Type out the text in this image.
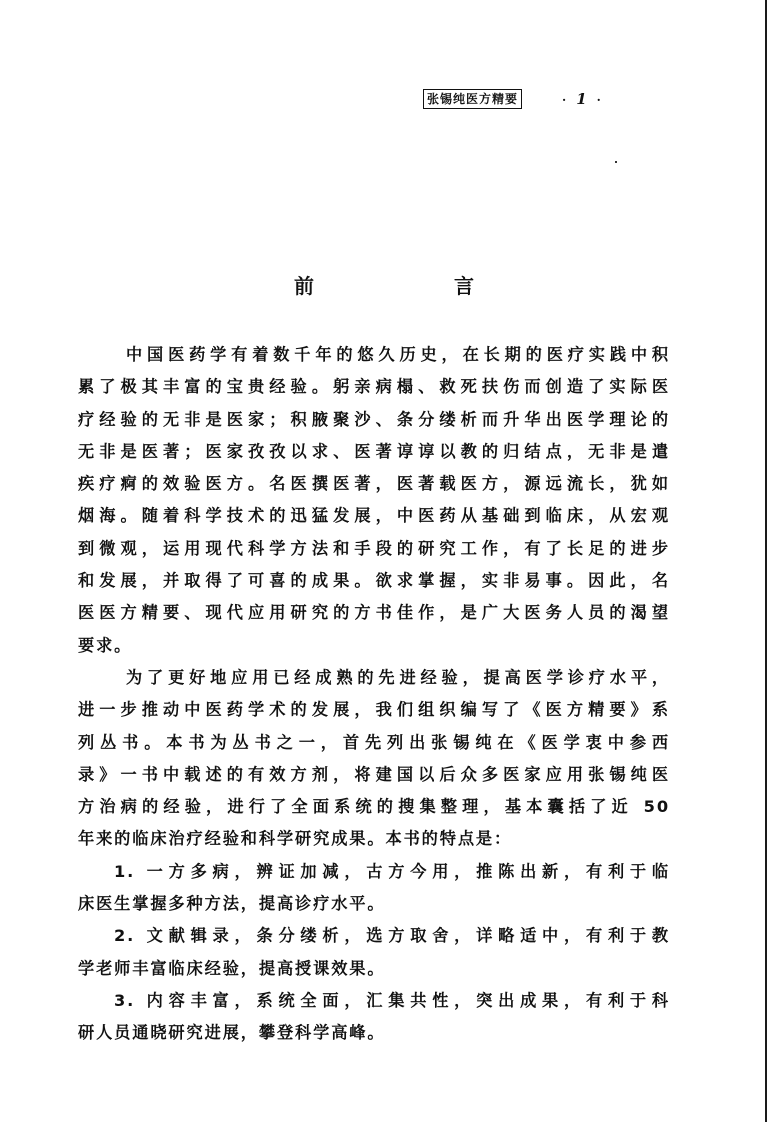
张锡纯医方精要	· 1 ·
前　言

中国医药学有着数千年的悠久历史，在长期的医疗实践中积
累了极其丰富的宝贵经验。躬亲病榻、救死扶伤而创造了实际医
疗经验的无非是医家；积腋聚沙、条分缕析而升华出医学理论的
无非是医著；医家孜孜以求、医著谆谆以教的归结点，无非是遣
疾疗痾的效验医方。名医撰医著，医著载医方，源远流长，犹如
烟海。随着科学技术的迅猛发展，中医药从基础到临床，从宏观
到微观，运用现代科学方法和手段的研究工作，有了长足的进步
和发展，并取得了可喜的成果。欲求掌握，实非易事。因此，名
医医方精要、现代应用研究的方书佳作，是广大医务人员的渴望
要求。

为了更好地应用已经成熟的先进经验，提高医学诊疗水平，
进一步推动中医药学术的发展，我们组织编写了《医方精要》系
列丛书。本书为丛书之一，首先列出张锡纯在《医学衷中参西
录》一书中载述的有效方剂，将建国以后众多医家应用张锡纯医
方治病的经验，进行了全面系统的搜集整理，基本囊括了近 50
年来的临床治疗经验和科学研究成果。本书的特点是：

1. 一方多病，辨证加减，古方今用，推陈出新，有利于临
床医生掌握多种方法，提高诊疗水平。

2. 文献辑录，条分缕析，选方取舍，详略适中，有利于教
学老师丰富临床经验，提高授课效果。

3. 内容丰富，系统全面，汇集共性，突出成果，有利于科
研人员通晓研究进展，攀登科学高峰。
